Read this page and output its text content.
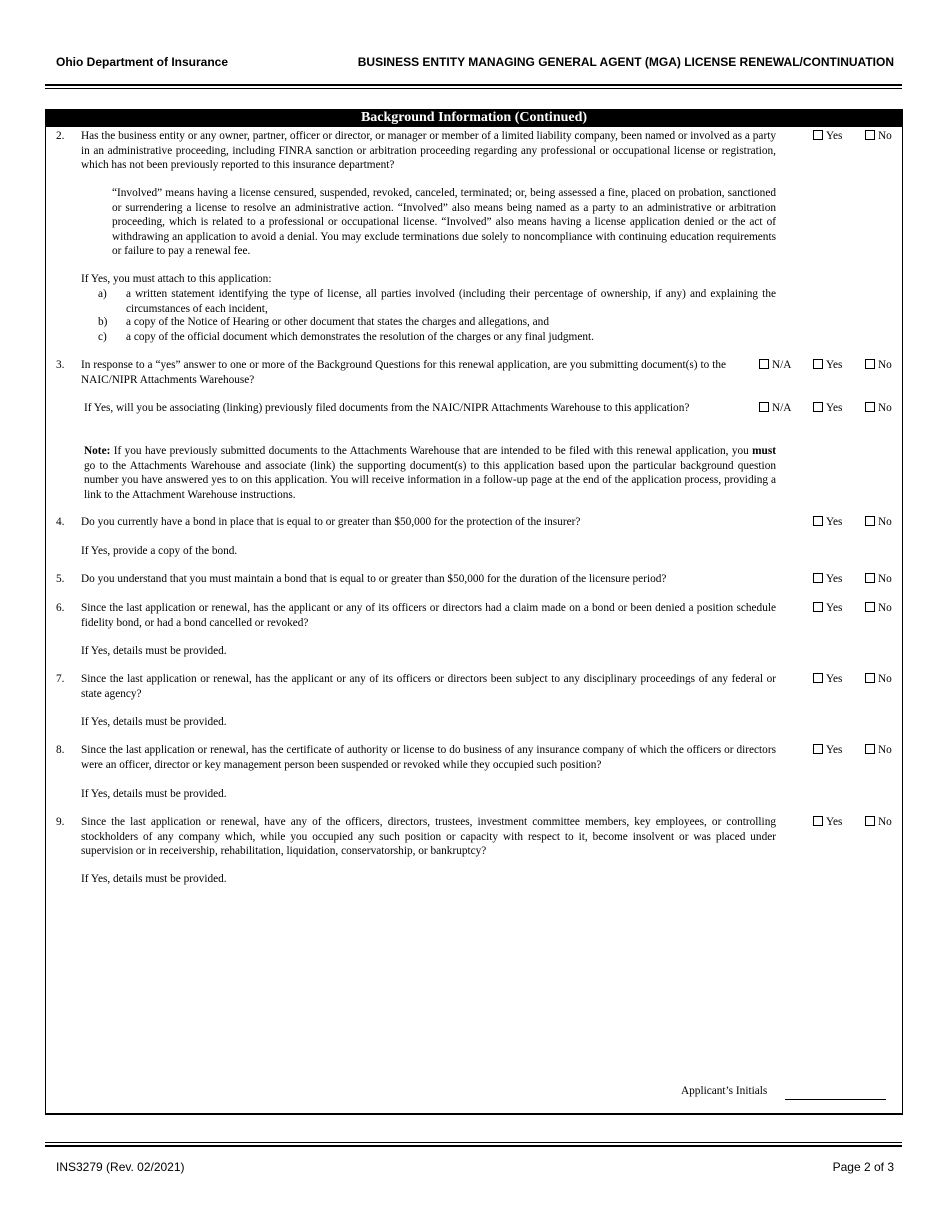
Ohio Department of Insurance	BUSINESS ENTITY MANAGING GENERAL AGENT (MGA) LICENSE RENEWAL/CONTINUATION
Background Information (Continued)
2. Has the business entity or any owner, partner, officer or director, or manager or member of a limited liability company, been named or involved as a party in an administrative proceeding, including FINRA sanction or arbitration proceeding regarding any professional or occupational license or registration, which has not been previously reported to this insurance department?
Yes	No
“Involved” means having a license censured, suspended, revoked, canceled, terminated; or, being assessed a fine, placed on probation, sanctioned or surrendering a license to resolve an administrative action. “Involved” also means being named as a party to an administrative or arbitration proceeding, which is related to a professional or occupational license. “Involved” also means having a license application denied or the act of withdrawing an application to avoid a denial. You may exclude terminations due solely to noncompliance with continuing education requirements or failure to pay a renewal fee.
If Yes, you must attach to this application:
a) a written statement identifying the type of license, all parties involved (including their percentage of ownership, if any) and explaining the circumstances of each incident,
b) a copy of the Notice of Hearing or other document that states the charges and allegations, and
c) a copy of the official document which demonstrates the resolution of the charges or any final judgment.
3. In response to a “yes” answer to one or more of the Background Questions for this renewal application, are you submitting document(s) to the NAIC/NIPR Attachments Warehouse?
N/A	Yes	No
If Yes, will you be associating (linking) previously filed documents from the NAIC/NIPR Attachments Warehouse to this application?	N/A	Yes	No
Note: If you have previously submitted documents to the Attachments Warehouse that are intended to be filed with this renewal application, you must go to the Attachments Warehouse and associate (link) the supporting document(s) to this application based upon the particular background question number you have answered yes to on this application. You will receive information in a follow-up page at the end of the application process, providing a link to the Attachment Warehouse instructions.
4. Do you currently have a bond in place that is equal to or greater than $50,000 for the protection of the insurer?	Yes	No
If Yes, provide a copy of the bond.
5. Do you understand that you must maintain a bond that is equal to or greater than $50,000 for the duration of the licensure period?	Yes	No
6. Since the last application or renewal, has the applicant or any of its officers or directors had a claim made on a bond or been denied a position schedule fidelity bond, or had a bond cancelled or revoked?
Yes	No
If Yes, details must be provided.
7. Since the last application or renewal, has the applicant or any of its officers or directors been subject to any disciplinary proceedings of any federal or state agency?
Yes	No
If Yes, details must be provided.
8. Since the last application or renewal, has the certificate of authority or license to do business of any insurance company of which the officers or directors were an officer, director or key management person been suspended or revoked while they occupied such position?
Yes	No
If Yes, details must be provided.
9. Since the last application or renewal, have any of the officers, directors, trustees, investment committee members, key employees, or controlling stockholders of any company which, while you occupied any such position or capacity with respect to it, become insolvent or was placed under supervision or in receivership, rehabilitation, liquidation, conservatorship, or bankruptcy?
Yes	No
If Yes, details must be provided.
Applicant’s Initials
INS3279 (Rev. 02/2021)	Page 2 of 3
